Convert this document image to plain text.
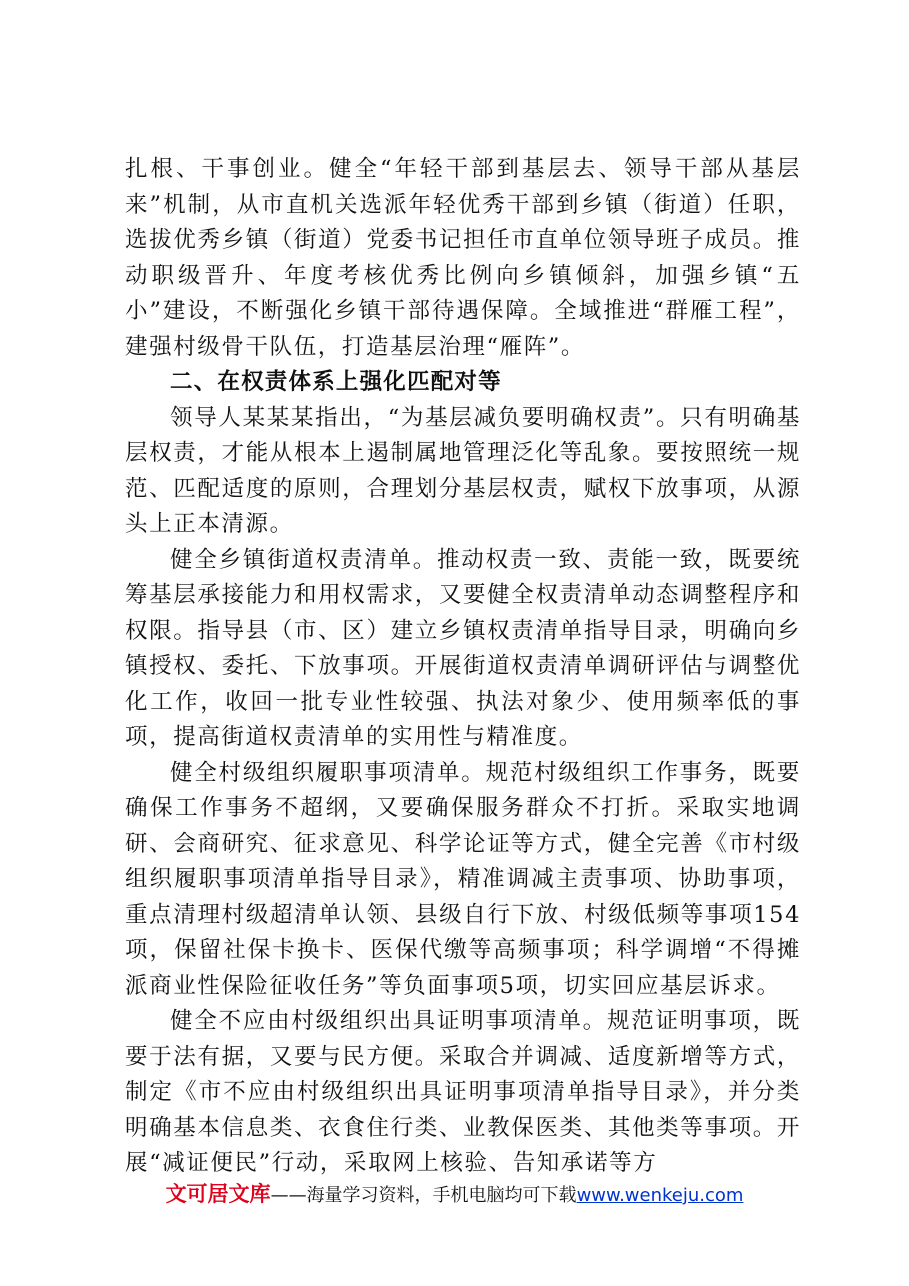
扎根、干事创业。健全“年轻干部到基层去、领导干部从基层来”机制，从市直机关选派年轻优秀干部到乡镇（街道）任职，选拔优秀乡镇（街道）党委书记担任市直单位领导班子成员。推动职级晋升、年度考核优秀比例向乡镇倾斜，加强乡镇“五小”建设，不断强化乡镇干部待遇保障。全域推进“群雁工程”，建强村级骨干队伍，打造基层治理“雁阵”。

二、在权责体系上强化匹配对等

领导人某某某指出，“为基层减负要明确权责”。只有明确基层权责，才能从根本上遏制属地管理泛化等乱象。要按照统一规范、匹配适度的原则，合理划分基层权责，赋权下放事项，从源头上正本清源。

健全乡镇街道权责清单。推动权责一致、责能一致，既要统筹基层承接能力和用权需求，又要健全权责清单动态调整程序和权限。指导县（市、区）建立乡镇权责清单指导目录，明确向乡镇授权、委托、下放事项。开展街道权责清单调研评估与调整优化工作，收回一批专业性较强、执法对象少、使用频率低的事项，提高街道权责清单的实用性与精准度。

健全村级组织履职事项清单。规范村级组织工作事务，既要确保工作事务不超纲，又要确保服务群众不打折。采取实地调研、会商研究、征求意见、科学论证等方式，健全完善《市村级组织履职事项清单指导目录》，精准调减主责事项、协助事项，重点清理村级超清单认领、县级自行下放、村级低频等事项154项，保留社保卡换卡、医保代缴等高频事项；科学调增“不得摊派商业性保险征收任务”等负面事项5项，切实回应基层诉求。

健全不应由村级组织出具证明事项清单。规范证明事项，既要于法有据，又要与民方便。采取合并调减、适度新增等方式，制定《市不应由村级组织出具证明事项清单指导目录》，并分类明确基本信息类、衣食住行类、业教保医类、其他类等事项。开展“减证便民”行动，采取网上核验、告知承诺等方

文可居文库——海量学习资料，手机电脑均可下载www.wenkeju.com
